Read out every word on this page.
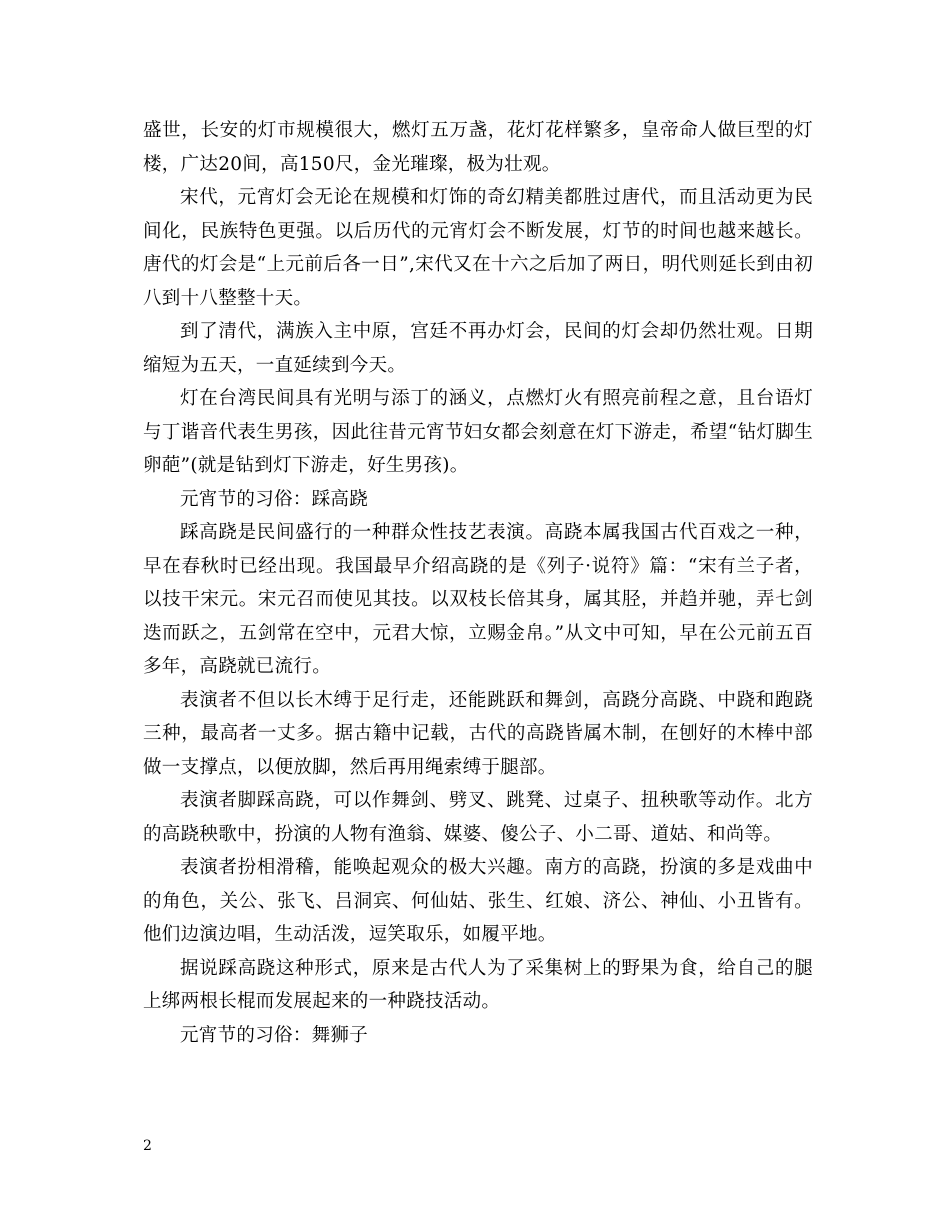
盛世，长安的灯市规模很大，燃灯五万盏，花灯花样繁多，皇帝命人做巨型的灯楼，广达20间，高150尺，金光璀璨，极为壮观。

宋代，元宵灯会无论在规模和灯饰的奇幻精美都胜过唐代，而且活动更为民间化，民族特色更强。以后历代的元宵灯会不断发展，灯节的时间也越来越长。唐代的灯会是“上元前后各一日”,宋代又在十六之后加了两日，明代则延长到由初八到十八整整十天。

到了清代，满族入主中原，宫廷不再办灯会，民间的灯会却仍然壮观。日期缩短为五天，一直延续到今天。

灯在台湾民间具有光明与添丁的涵义，点燃灯火有照亮前程之意，且台语灯与丁谐音代表生男孩，因此往昔元宵节妇女都会刻意在灯下游走，希望“钻灯脚生卵葩”(就是钻到灯下游走，好生男孩)。

元宵节的习俗：踩高跷

踩高跷是民间盛行的一种群众性技艺表演。高跷本属我国古代百戏之一种，早在春秋时已经出现。我国最早介绍高跷的是《列子·说符》篇：“宋有兰子者，以技干宋元。宋元召而使见其技。以双枝长倍其身，属其胫，并趋并驰，弄七剑迭而跃之，五剑常在空中，元君大惊，立赐金帛。”从文中可知，早在公元前五百多年，高跷就已流行。

表演者不但以长木缚于足行走，还能跳跃和舞剑，高跷分高跷、中跷和跑跷三种，最高者一丈多。据古籍中记载，古代的高跷皆属木制，在刨好的木棒中部做一支撑点，以便放脚，然后再用绳索缚于腿部。

表演者脚踩高跷，可以作舞剑、劈叉、跳凳、过桌子、扭秧歌等动作。北方的高跷秧歌中，扮演的人物有渔翁、媒婆、傻公子、小二哥、道姑、和尚等。

表演者扮相滑稽，能唤起观众的极大兴趣。南方的高跷，扮演的多是戏曲中的角色，关公、张飞、吕洞宾、何仙姑、张生、红娘、济公、神仙、小丑皆有。他们边演边唱，生动活泼，逗笑取乐，如履平地。

据说踩高跷这种形式，原来是古代人为了采集树上的野果为食，给自己的腿上绑两根长棍而发展起来的一种跷技活动。

元宵节的习俗：舞狮子

2
